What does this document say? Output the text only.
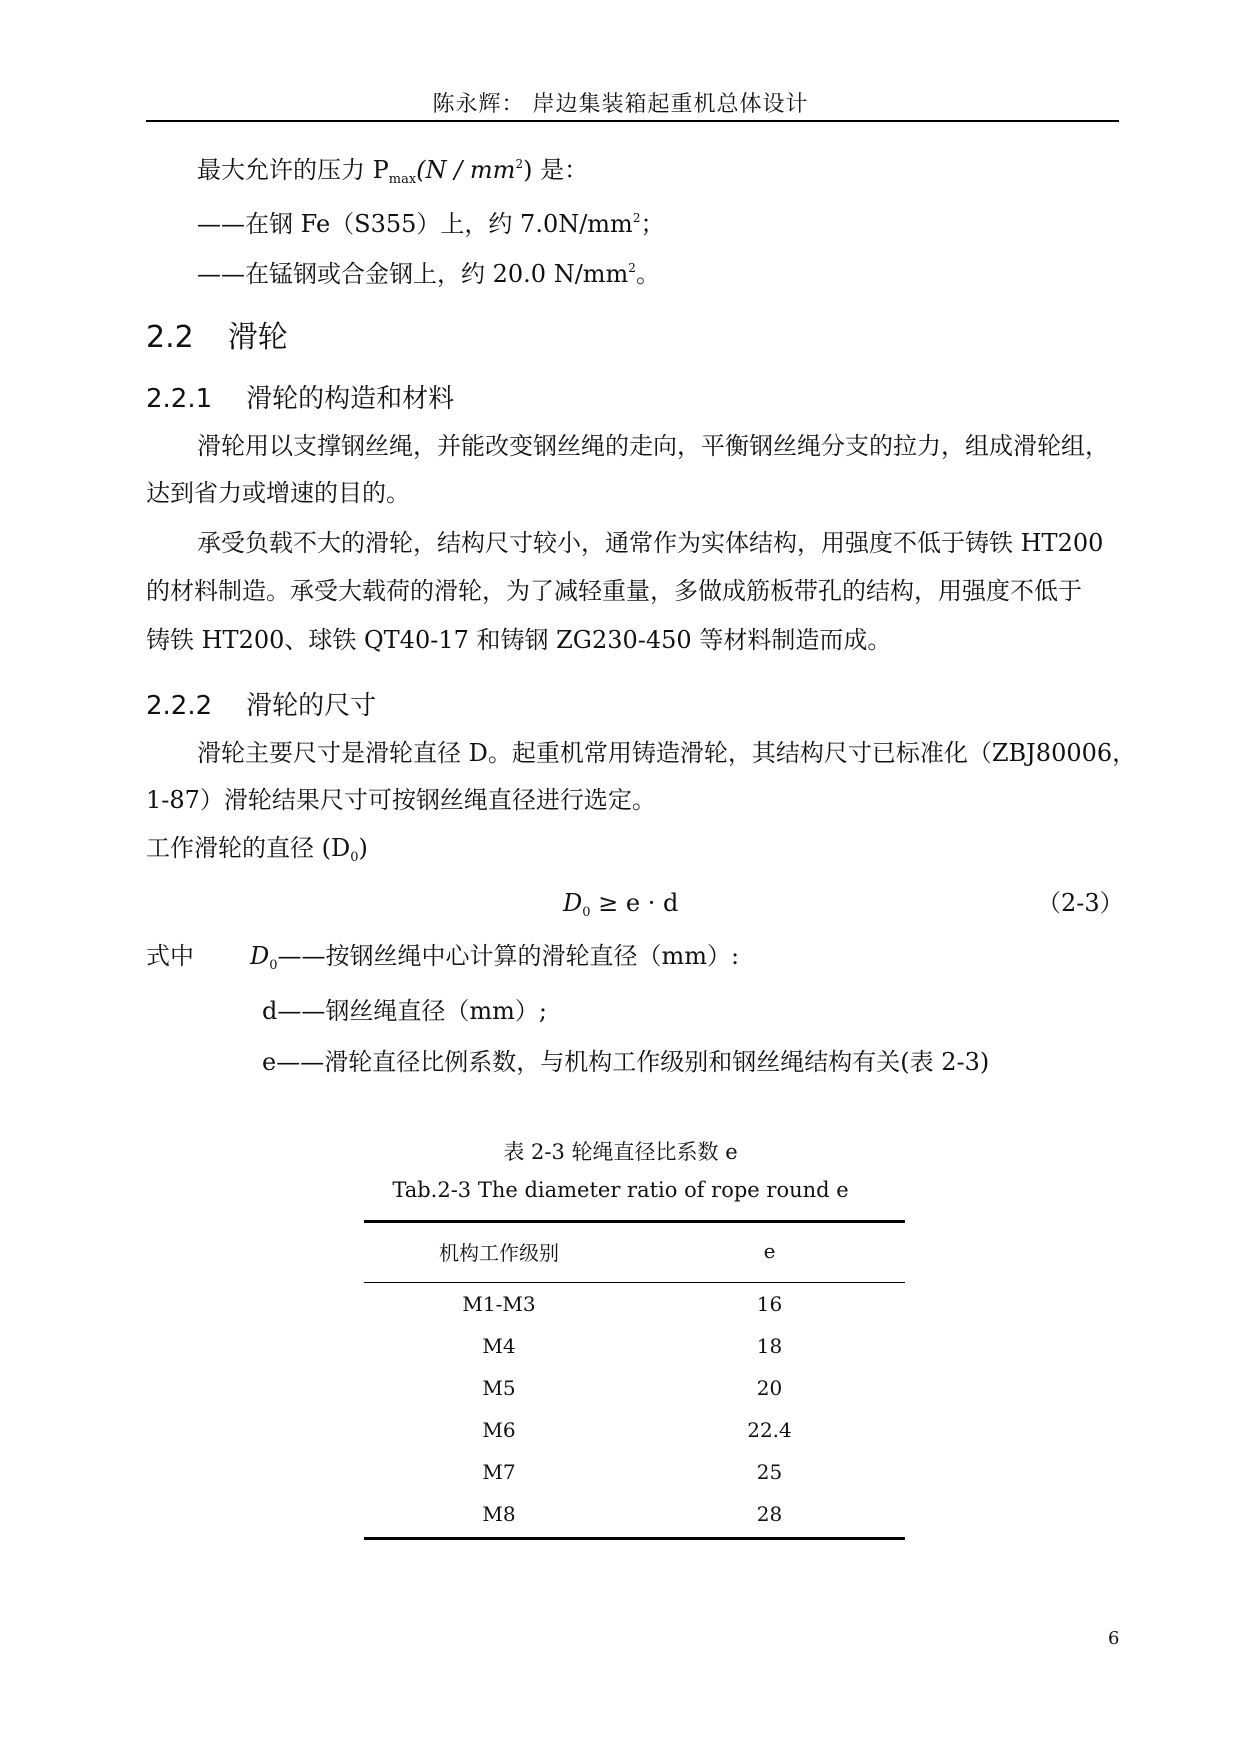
陈永辉： 岸边集装箱起重机总体设计
最大允许的压力 $P_{max}(N / mm^2)$ 是：
——在钢 Fe（S355）上，约 $7.0N/mm^2$；
——在锰钢或合金钢上，约 20.0 $N/mm^2$。
2.2 滑轮
2.2.1 滑轮的构造和材料
滑轮用以支撑钢丝绳，并能改变钢丝绳的走向，平衡钢丝绳分支的拉力，组成滑轮组，
达到省力或增速的目的。
承受负载不大的滑轮，结构尺寸较小，通常作为实体结构，用强度不低于铸铁 HT200
的材料制造。承受大载荷的滑轮，为了减轻重量，多做成筋板带孔的结构，用强度不低于
铸铁 HT200、球铁 QT40-17 和铸钢 ZG230-450 等材料制造而成。
2.2.2 滑轮的尺寸
滑轮主要尺寸是滑轮直径 D。起重机常用铸造滑轮，其结构尺寸已标准化（ZBJ80006，
1-87）滑轮结果尺寸可按钢丝绳直径进行选定。
工作滑轮的直径 $(D_0)$
$D_0 \ge e \cdot d$	（2-3）
式中 $D_0——$按钢丝绳中心计算的滑轮直径（mm）:
d——钢丝绳直径（mm）;
e——滑轮直径比例系数，与机构工作级别和钢丝绳结构有关(表 2-3)
表 2-3 轮绳直径比系数 e
Tab.2-3 The diameter ratio of rope round e
机构工作级别	e
M1-M3	16
M4	18
M5	20
M6	22.4
M7	25
M8	28
6
